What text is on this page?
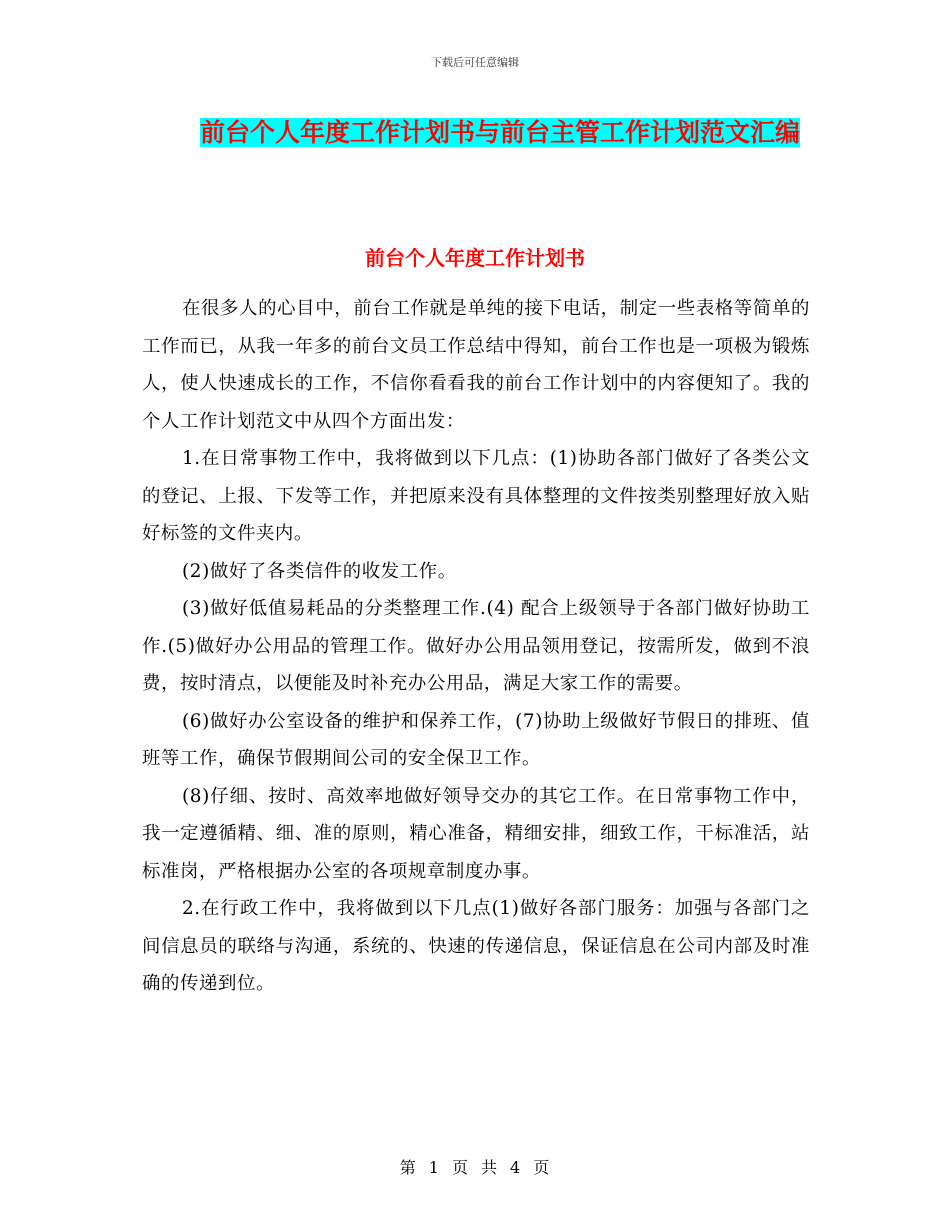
下载后可任意编辑
前台个人年度工作计划书与前台主管工作计划范文汇编
前台个人年度工作计划书

在很多人的心目中，前台工作就是单纯的接下电话，制定一些表格等简单的工作而已，从我一年多的前台文员工作总结中得知，前台工作也是一项极为锻炼人，使人快速成长的工作，不信你看看我的前台工作计划中的内容便知了。我的个人工作计划范文中从四个方面出发：

1.在日常事物工作中，我将做到以下几点：(1)协助各部门做好了各类公文的登记、上报、下发等工作，并把原来没有具体整理的文件按类别整理好放入贴好标签的文件夹内。

(2)做好了各类信件的收发工作。

(3)做好低值易耗品的分类整理工作.(4) 配合上级领导于各部门做好协助工作.(5)做好办公用品的管理工作。做好办公用品领用登记，按需所发，做到不浪费，按时清点，以便能及时补充办公用品，满足大家工作的需要。

(6)做好办公室设备的维护和保养工作，(7)协助上级做好节假日的排班、值班等工作，确保节假期间公司的安全保卫工作。

(8)仔细、按时、高效率地做好领导交办的其它工作。在日常事物工作中，我一定遵循精、细、准的原则，精心准备，精细安排，细致工作，干标准活，站标准岗，严格根据办公室的各项规章制度办事。

2.在行政工作中，我将做到以下几点(1)做好各部门服务：加强与各部门之间信息员的联络与沟通，系统的、快速的传递信息，保证信息在公司内部及时准确的传递到位。

第 1 页 共 4 页
